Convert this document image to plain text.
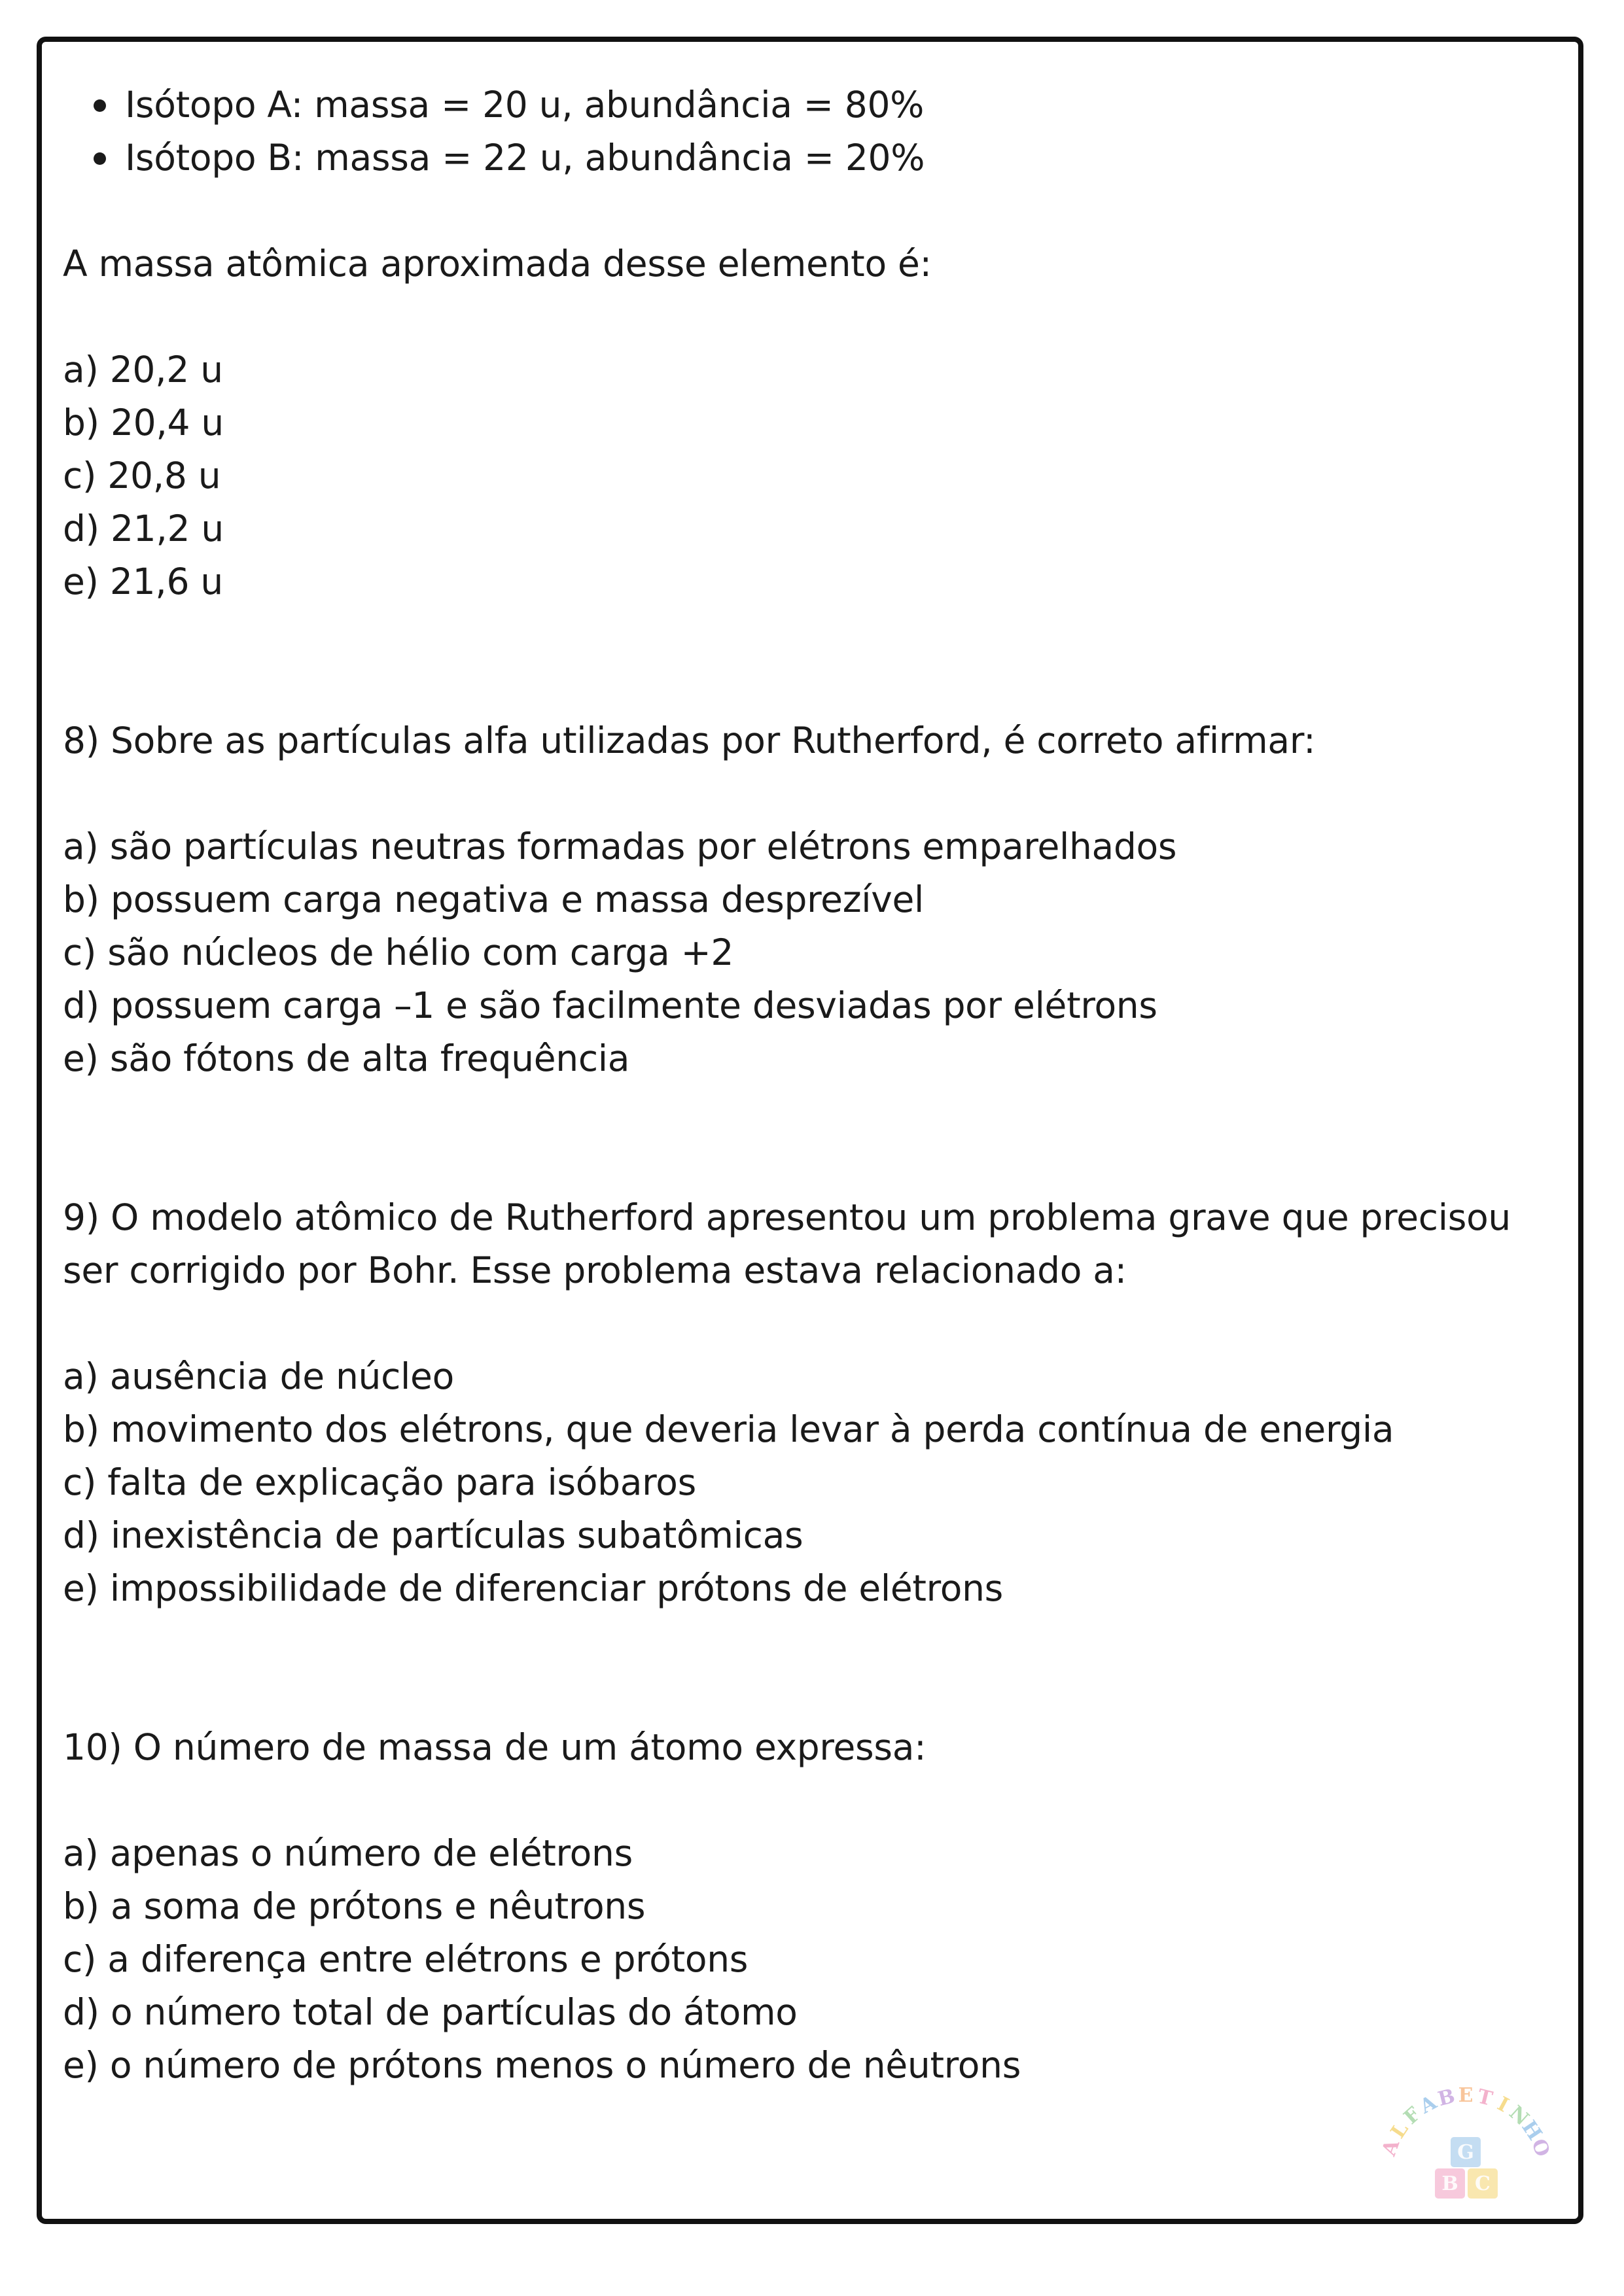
Isótopo A: massa = 20 u, abundância = 80%
Isótopo B: massa = 22 u, abundância = 20%
A massa atômica aproximada desse elemento é:
a) 20,2 u
b) 20,4 u
c) 20,8 u
d) 21,2 u
e) 21,6 u
8) Sobre as partículas alfa utilizadas por Rutherford, é correto afirmar:
a) são partículas neutras formadas por elétrons emparelhados
b) possuem carga negativa e massa desprezível
c) são núcleos de hélio com carga +2
d) possuem carga –1 e são facilmente desviadas por elétrons
e) são fótons de alta frequência
9) O modelo atômico de Rutherford apresentou um problema grave que precisou
ser corrigido por Bohr. Esse problema estava relacionado a:
a) ausência de núcleo
b) movimento dos elétrons, que deveria levar à perda contínua de energia
c) falta de explicação para isóbaros
d) inexistência de partículas subatômicas
e) impossibilidade de diferenciar prótons de elétrons
10) O número de massa de um átomo expressa:
a) apenas o número de elétrons
b) a soma de prótons e nêutrons
c) a diferença entre elétrons e prótons
d) o número total de partículas do átomo
e) o número de prótons menos o número de nêutrons
G
B C
A
L
F
A
B E T
I
N
H
O
